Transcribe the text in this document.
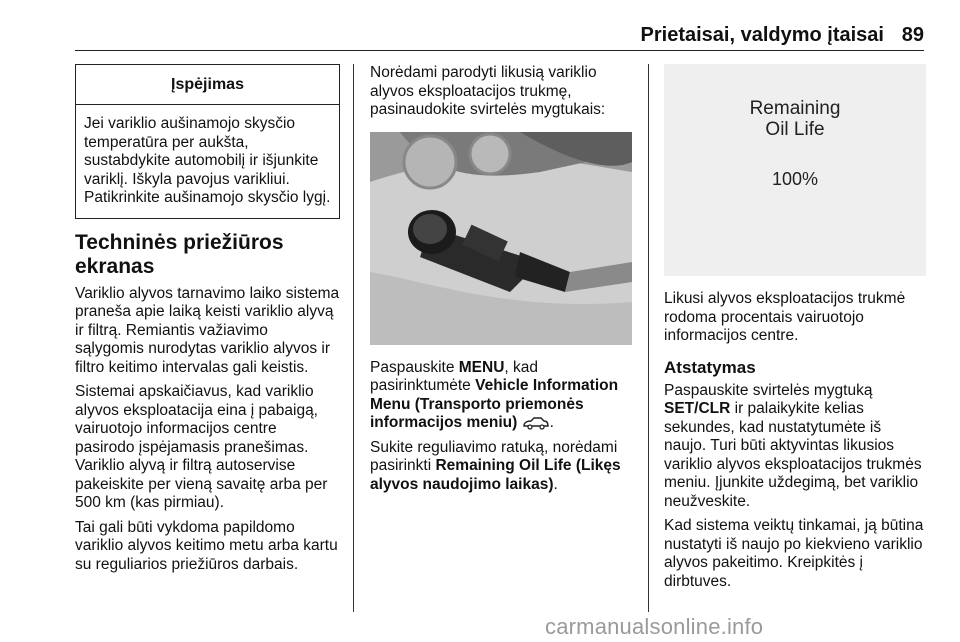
Prietaisai, valdymo įtaisai 89
Įspėjimas
Jei variklio aušinamojo skysčio temperatūra per aukšta, sustabdykite automobilį ir išjunkite variklį. Iškyla pavojus varikliui. Patikrinkite aušinamojo skysčio lygį.
Techninės priežiūros ekranas

Variklio alyvos tarnavimo laiko sistema praneša apie laiką keisti variklio alyvą ir filtrą. Remiantis važiavimo sąlygomis nurodytas variklio alyvos ir filtro keitimo intervalas gali keistis.

Sistemai apskaičiavus, kad variklio alyvos eksploatacija eina į pabaigą, vairuotojo informacijos centre pasirodo įspėjamasis pranešimas. Variklio alyvą ir filtrą autoservise pakeiskite per vieną savaitę arba per 500 km (kas pirmiau).

Tai gali būti vykdoma papildomo variklio alyvos keitimo metu arba kartu su reguliarios priežiūros darbais.

Norėdami parodyti likusią variklio alyvos eksploatacijos trukmę, pasinaudokite svirtelės mygtukais:

Paspauskite MENU, kad pasirinktumėte Vehicle Information Menu (Transporto priemonės informacijos meniu) .

Sukite reguliavimo ratuką, norėdami pasirinkti Remaining Oil Life (Likęs alyvos naudojimo laikas).

Remaining
Oil Life
100%

Likusi alyvos eksploatacijos trukmė rodoma procentais vairuotojo informacijos centre.

Atstatymas

Paspauskite svirtelės mygtuką SET/CLR ir palaikykite kelias sekundes, kad nustatytumėte iš naujo. Turi būti aktyvintas likusios variklio alyvos eksploatacijos trukmės meniu. Įjunkite uždegimą, bet variklio neužveskite.

Kad sistema veiktų tinkamai, ją būtina nustatyti iš naujo po kiekvieno variklio alyvos pakeitimo. Kreipkitės į dirbtuves.

carmanualsonline.info
